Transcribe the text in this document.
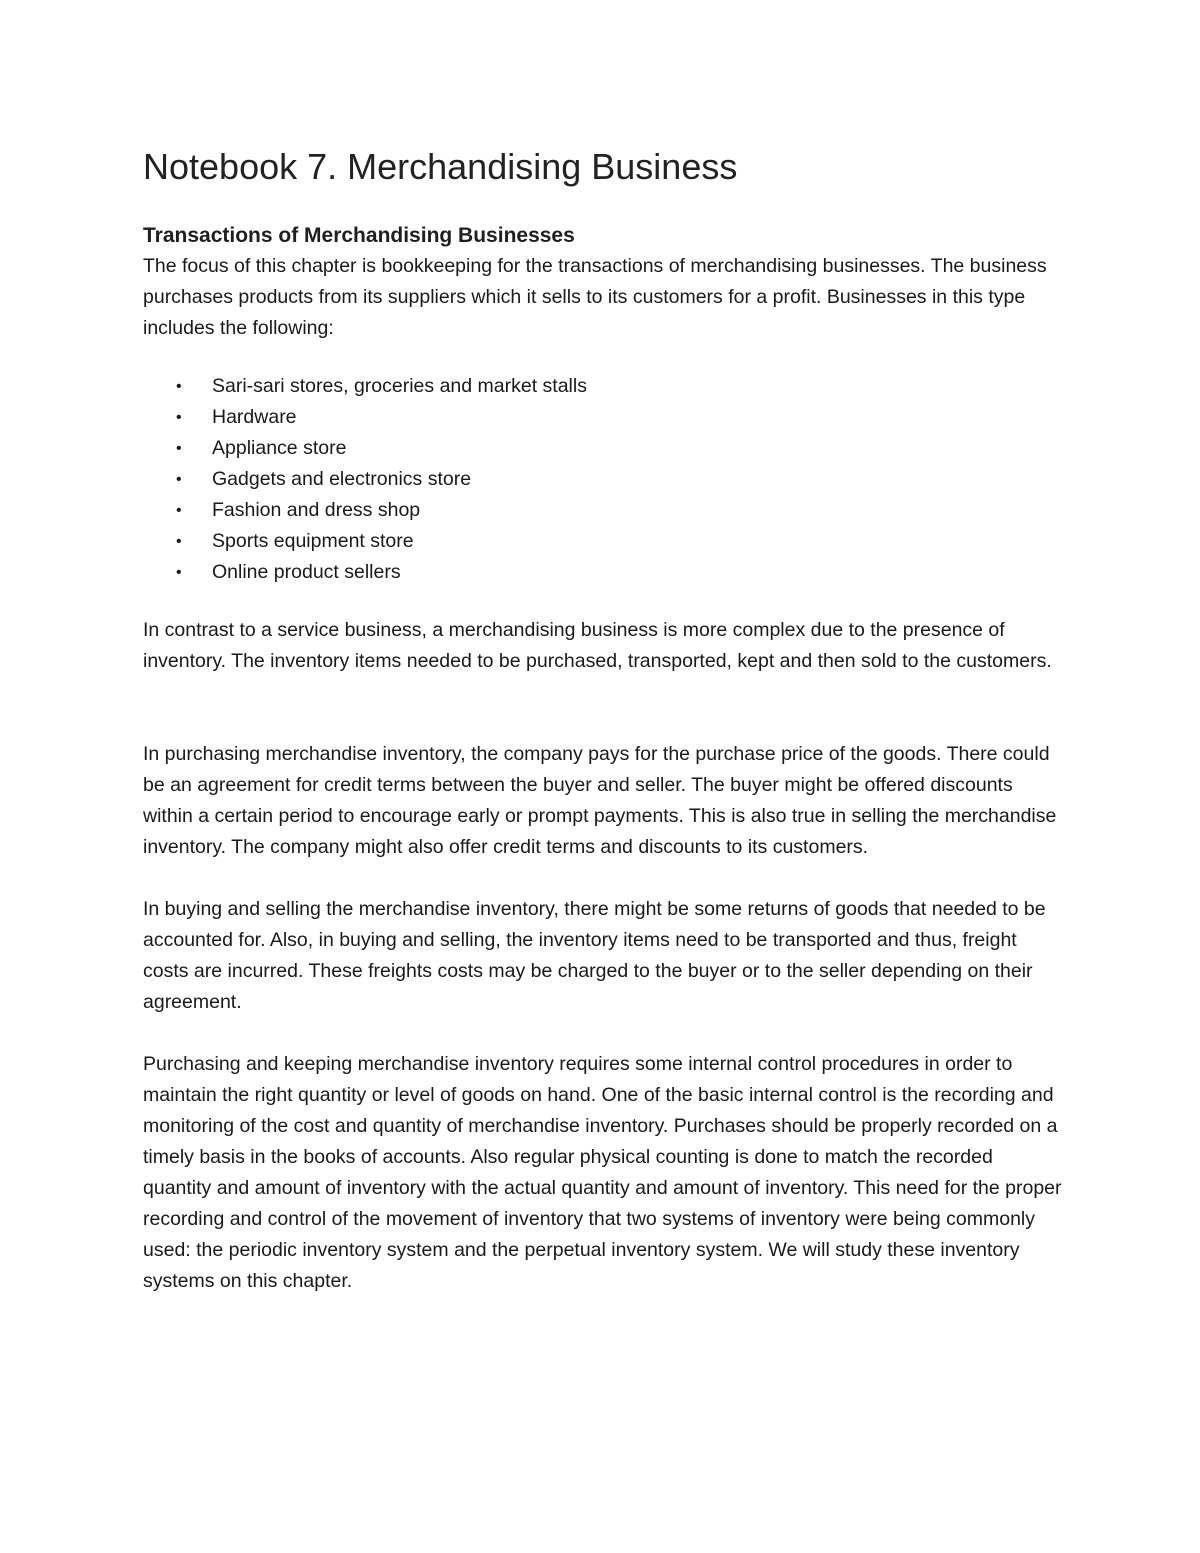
Notebook 7. Merchandising Business
Transactions of Merchandising Businesses

The focus of this chapter is bookkeeping for the transactions of merchandising businesses. The business purchases products from its suppliers which it sells to its customers for a profit. Businesses in this type includes the following:

• Sari-sari stores, groceries and market stalls
• Hardware
• Appliance store
• Gadgets and electronics store
• Fashion and dress shop
• Sports equipment store
• Online product sellers

In contrast to a service business, a merchandising business is more complex due to the presence of inventory. The inventory items needed to be purchased, transported, kept and then sold to the customers.

In purchasing merchandise inventory, the company pays for the purchase price of the goods. There could be an agreement for credit terms between the buyer and seller. The buyer might be offered discounts within a certain period to encourage early or prompt payments. This is also true in selling the merchandise inventory. The company might also offer credit terms and discounts to its customers.

In buying and selling the merchandise inventory, there might be some returns of goods that needed to be accounted for. Also, in buying and selling, the inventory items need to be transported and thus, freight costs are incurred. These freights costs may be charged to the buyer or to the seller depending on their agreement.

Purchasing and keeping merchandise inventory requires some internal control procedures in order to maintain the right quantity or level of goods on hand. One of the basic internal control is the recording and monitoring of the cost and quantity of merchandise inventory. Purchases should be properly recorded on a timely basis in the books of accounts. Also regular physical counting is done to match the recorded quantity and amount of inventory with the actual quantity and amount of inventory. This need for the proper recording and control of the movement of inventory that two systems of inventory were being commonly used: the periodic inventory system and the perpetual inventory system. We will study these inventory systems on this chapter.
